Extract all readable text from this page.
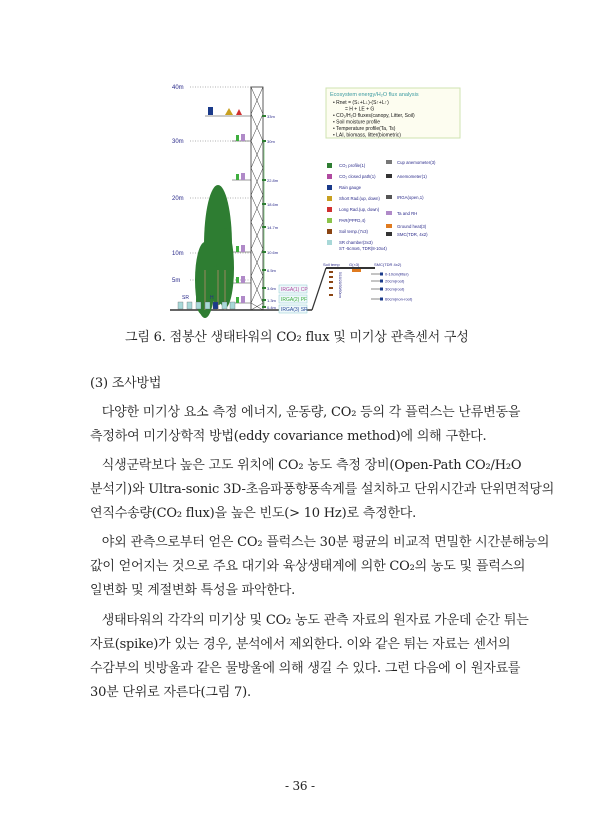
40m
30m
20m
10m
5m
33m
30m
22.8m
18.6m
14.7m
10.6m
6.5m
3.6m
1.3m
0.4m
SR	H
Ecosystem energy/H₂O flux analysis
• Rnet = (S↓+L↓)-(S↑+L↑)
= H + LE + G
• CO₂/H₂O fluxes(canopy, Litter, Soil)
• Soil moisture profile
• Temperature profile(Ta, Ts)
• LAI, biomass, litter(biometric)
CO₂ profile(1)
CO₂ closed path(1)
Rain gauge
Short Rad.(up, down)
Long Rad.(up, down)
PAR(PPFD,4)
Soil temp.(7x3)
SR chamber(3x3)
ST -5cmx6, TDR(8-10x4)
Cup anemometer(3)
Anemometer(1)
IRGA(open,1)
Ta and RH
Ground heat(3)
SMC(TDR, 4x2)
Soil temp G(×3)	SMC(TDR 4x2)
5/10/20/30/60cm	0-10cm(litter)
20cm(root)
30cm(root)
60cm(non-root)
IRGA(1) CP
IRGA(2) PF
IRGA(3) SR
그림 6. 점봉산 생태타워의 CO₂ flux 및 미기상 관측센서 구성
(3) 조사방법
다양한 미기상 요소 측정 에너지, 운동량, CO₂ 등의 각 플럭스는 난류변동을
측정하여 미기상학적 방법(eddy covariance method)에 의해 구한다.
식생군락보다 높은 고도 위치에 CO₂ 농도 측정 장비(Open-Path CO₂/H₂O
분석기)와 Ultra-sonic 3D-초음파풍향풍속계를 설치하고 단위시간과 단위면적당의
연직수송량(CO₂ flux)을 높은 빈도(> 10 Hz)로 측정한다.
야외 관측으로부터 얻은 CO₂ 플럭스는 30분 평균의 비교적 면밀한 시간분해능의
값이 얻어지는 것으로 주요 대기와 육상생태계에 의한 CO₂의 농도 및 플럭스의
일변화 및 계절변화 특성을 파악한다.
생태타워의 각각의 미기상 및 CO₂ 농도 관측 자료의 원자료 가운데 순간 튀는
자료(spike)가 있는 경우, 분석에서 제외한다. 이와 같은 튀는 자료는 센서의
수감부의 빗방울과 같은 물방울에 의해 생길 수 있다. 그런 다음에 이 원자료를
30분 단위로 자른다(그림 7).
- 36 -
